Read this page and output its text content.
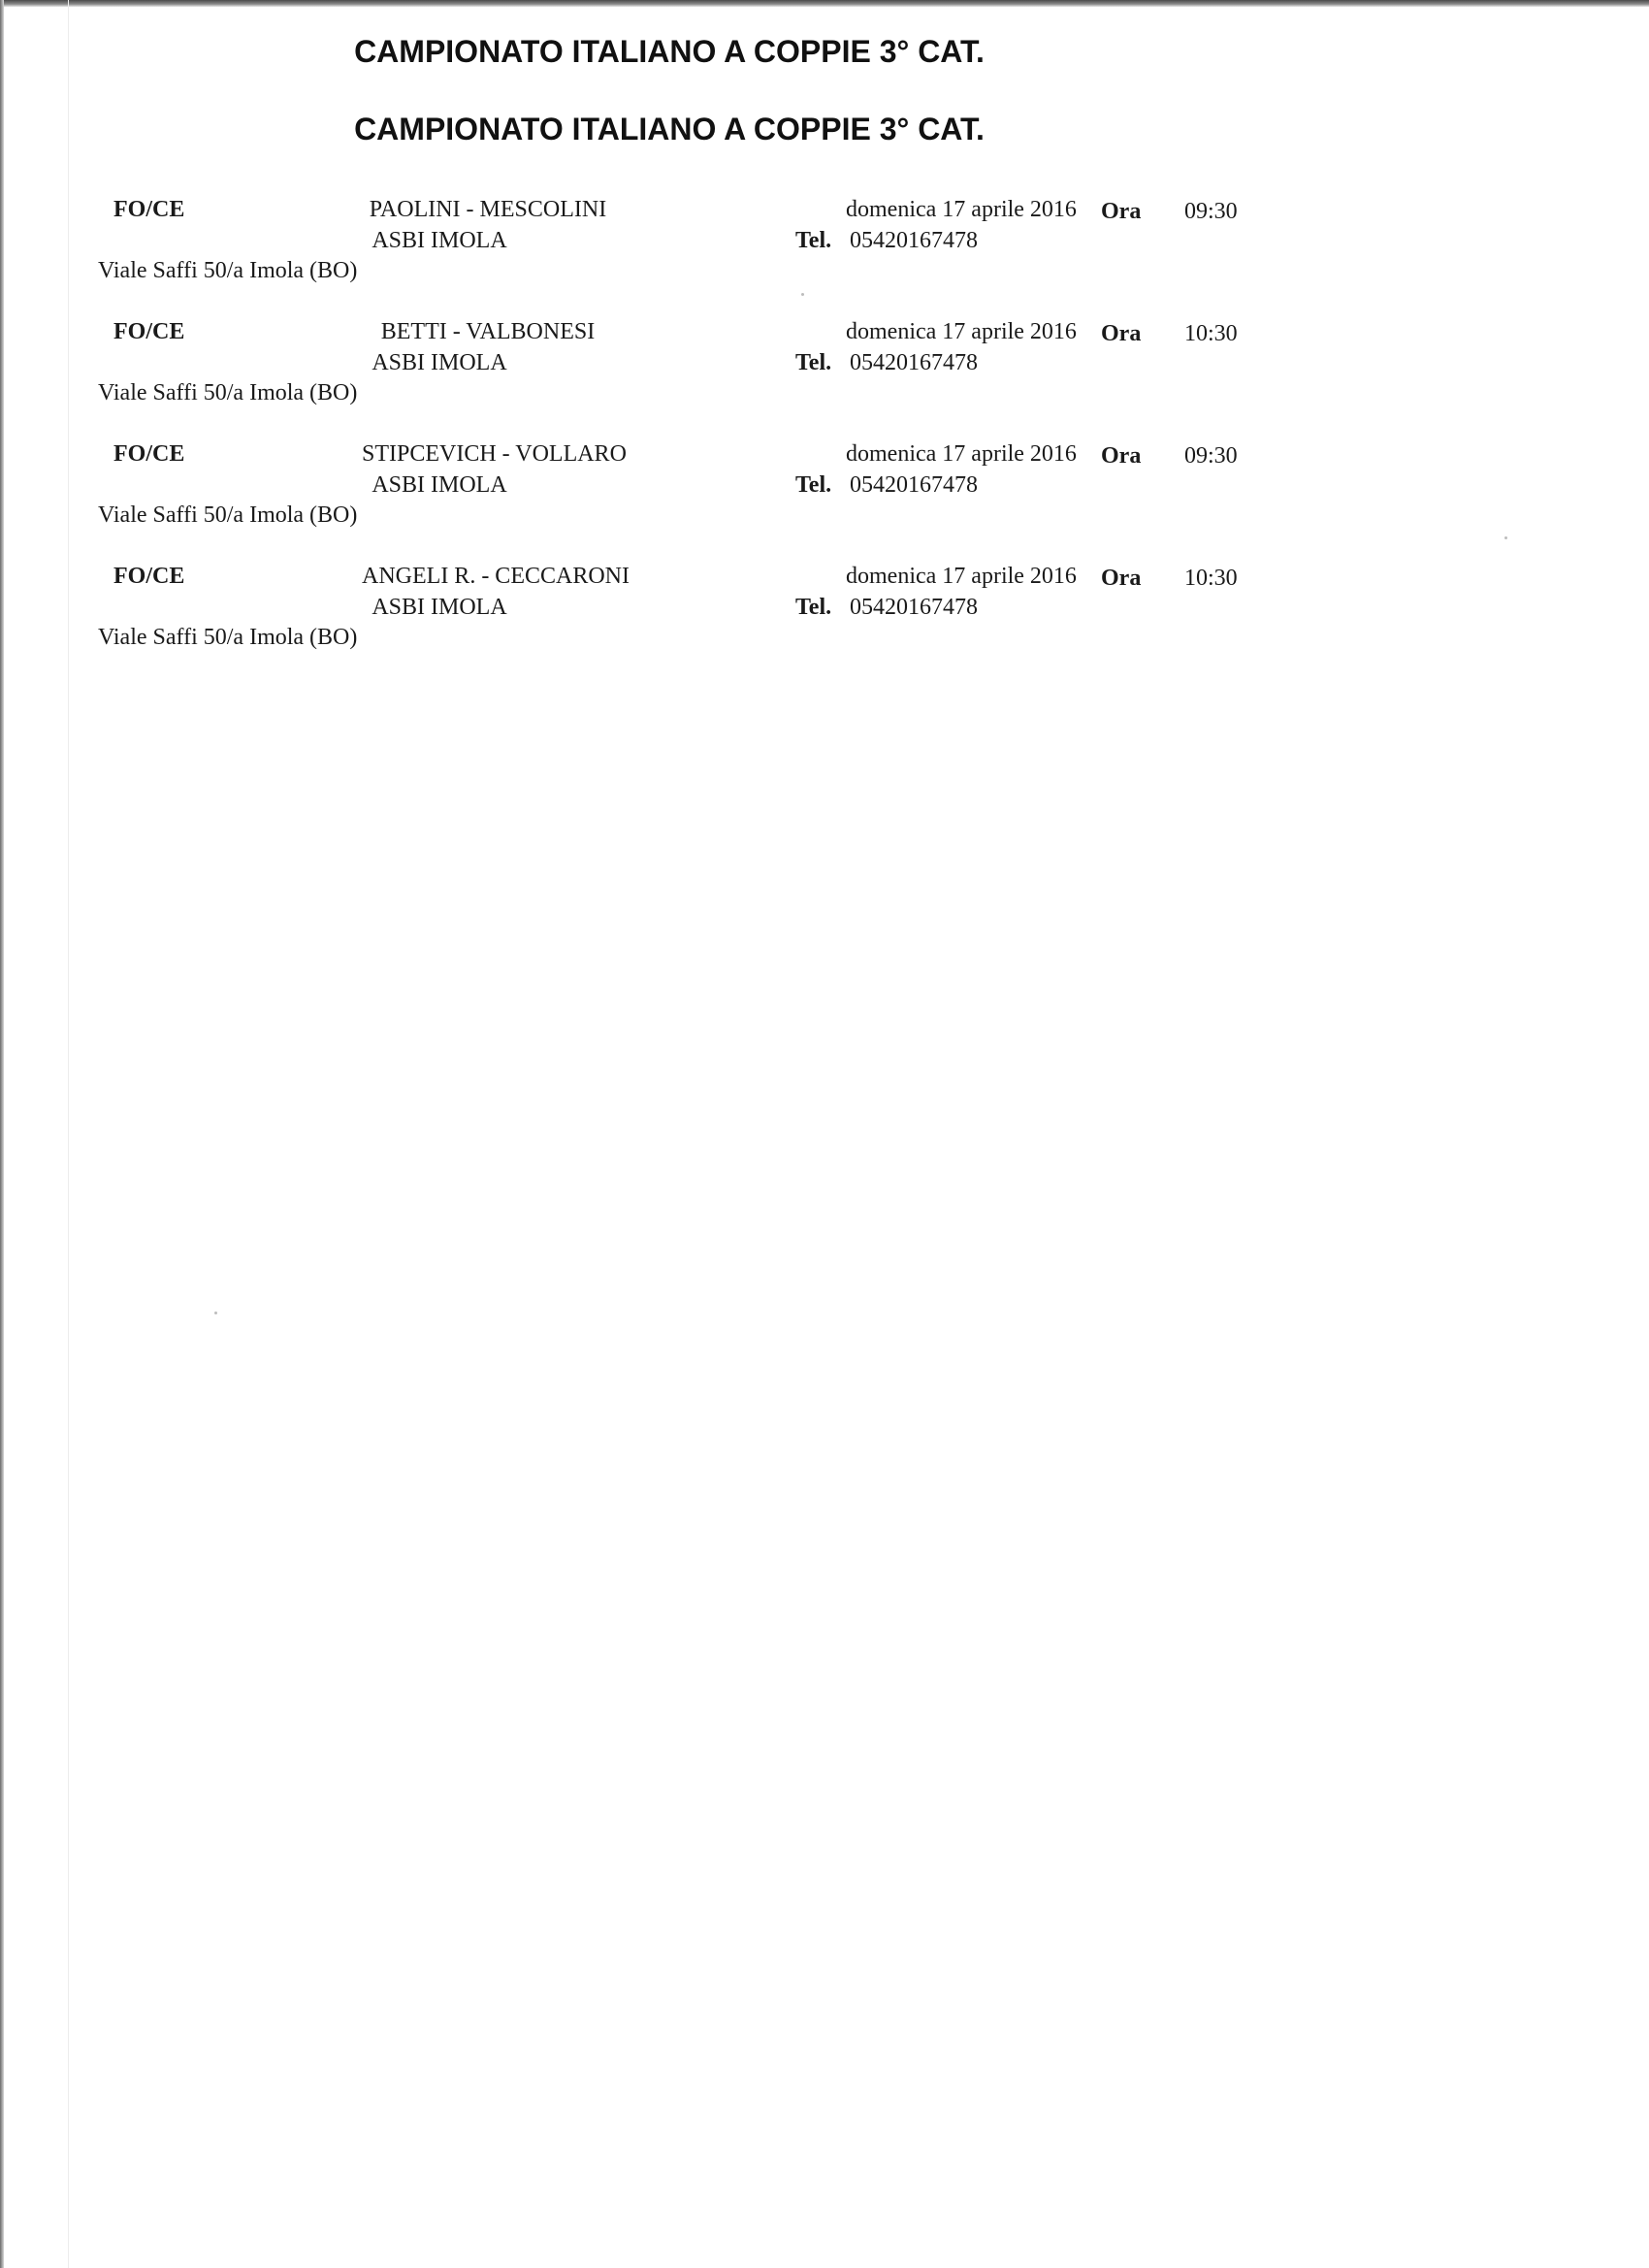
CAMPIONATO ITALIANO A COPPIE 3° CAT.
CAMPIONATO ITALIANO A COPPIE 3° CAT.
FO/CE	PAOLINI - MESCOLINI
ASBI IMOLA
domenica 17 aprile 2016 Ora 09:30
Tel. 05420167478
Viale Saffi 50/a Imola (BO)
FO/CE	BETTI - VALBONESI
ASBI IMOLA
domenica 17 aprile 2016 Ora 10:30
Tel. 05420167478
Viale Saffi 50/a Imola (BO)
FO/CE	STIPCEVICH - VOLLARO
ASBI IMOLA
domenica 17 aprile 2016 Ora 09:30
Tel. 05420167478
Viale Saffi 50/a Imola (BO)
FO/CE	ANGELI R. - CECCARONI
ASBI IMOLA
domenica 17 aprile 2016 Ora 10:30
Tel. 05420167478
Viale Saffi 50/a Imola (BO)
